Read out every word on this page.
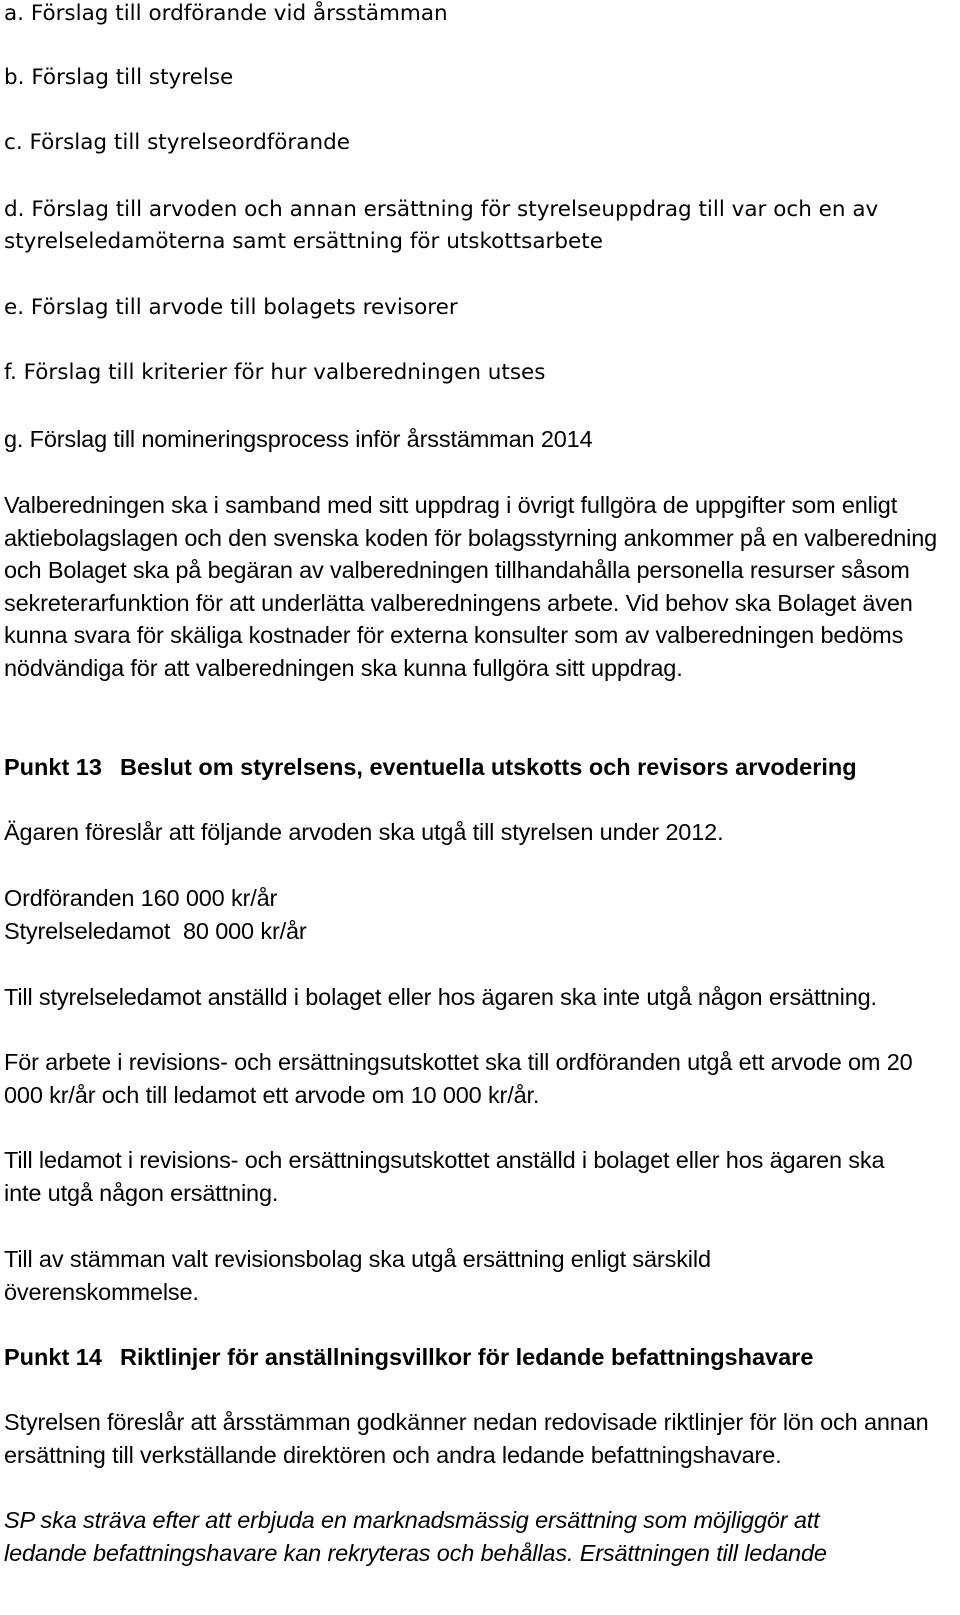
a. Förslag till ordförande vid årsstämman

b. Förslag till styrelse

c. Förslag till styrelseordförande

d. Förslag till arvoden och annan ersättning för styrelseuppdrag till var och en av styrelseledamöterna samt ersättning för utskottsarbete

e. Förslag till arvode till bolagets revisorer

f. Förslag till kriterier för hur valberedningen utses

g. Förslag till nomineringsprocess inför årsstämman 2014

Valberedningen ska i samband med sitt uppdrag i övrigt fullgöra de uppgifter som enligt aktiebolagslagen och den svenska koden för bolagsstyrning ankommer på en valberedning och Bolaget ska på begäran av valberedningen tillhandahålla personella resurser såsom sekreterarfunktion för att underlätta valberedningens arbete. Vid behov ska Bolaget även kunna svara för skäliga kostnader för externa konsulter som av valberedningen bedöms nödvändiga för att valberedningen ska kunna fullgöra sitt uppdrag.

Punkt 13 Beslut om styrelsens, eventuella utskotts och revisors arvodering

Ägaren föreslår att följande arvoden ska utgå till styrelsen under 2012.

Ordföranden 160 000 kr/år

Styrelseledamot  80 000 kr/år

Till styrelseledamot anställd i bolaget eller hos ägaren ska inte utgå någon ersättning.

För arbete i revisions- och ersättningsutskottet ska till ordföranden utgå ett arvode om 20 000 kr/år och till ledamot ett arvode om 10 000 kr/år.

Till ledamot i revisions- och ersättningsutskottet anställd i bolaget eller hos ägaren ska inte utgå någon ersättning.

Till av stämman valt revisionsbolag ska utgå ersättning enligt särskild överenskommelse.

Punkt 14 Riktlinjer för anställningsvillkor för ledande befattningshavare

Styrelsen föreslår att årsstämman godkänner nedan redovisade riktlinjer för lön och annan ersättning till verkställande direktören och andra ledande befattningshavare.

SP ska sträva efter att erbjuda en marknadsmässig ersättning som möjliggör att ledande befattningshavare kan rekryteras och behållas. Ersättningen till ledande
